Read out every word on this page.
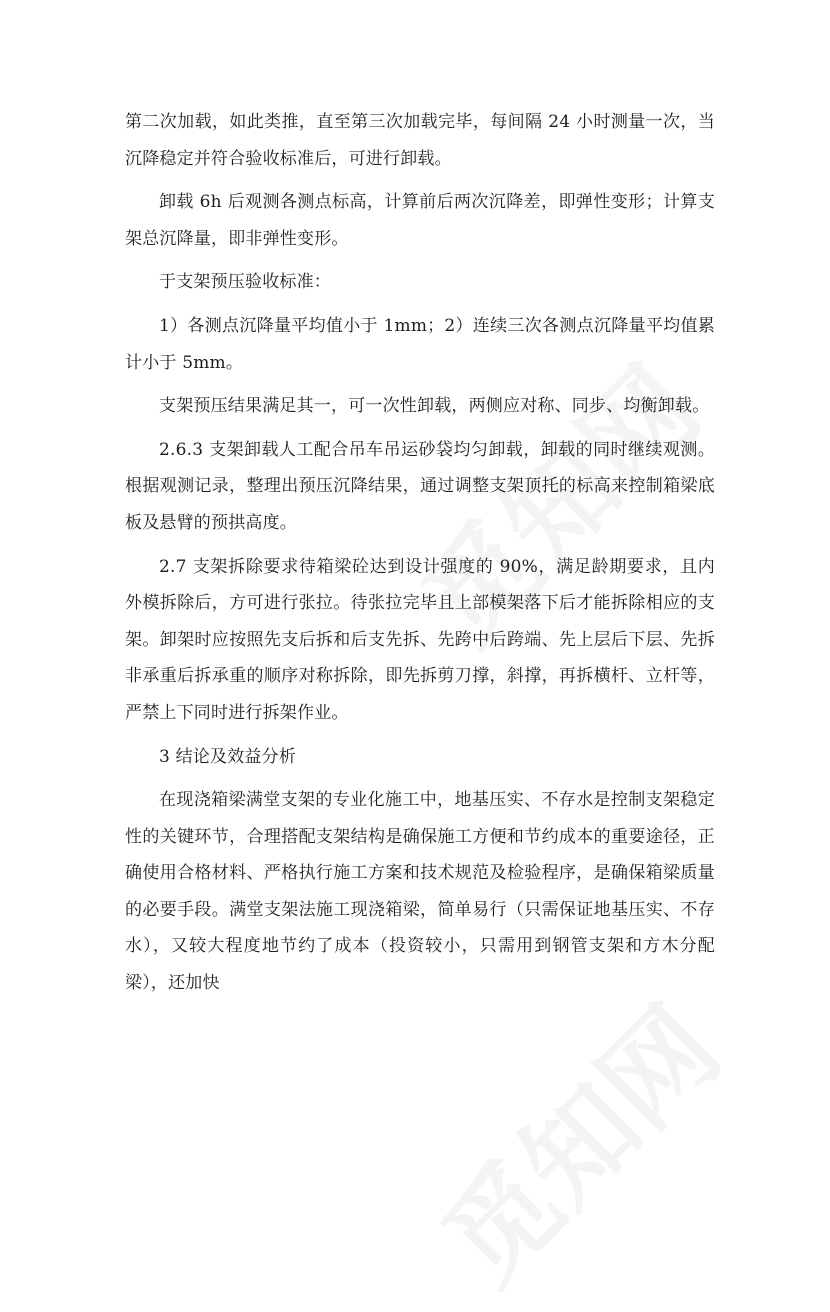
第二次加载，如此类推，直至第三次加载完毕，每间隔 24 小时测量一次，当沉降稳定并符合验收标准后，可进行卸载。

卸载 6h 后观测各测点标高，计算前后两次沉降差，即弹性变形；计算支架总沉降量，即非弹性变形。

于支架预压验收标准：

1）各测点沉降量平均值小于 1mm；2）连续三次各测点沉降量平均值累计小于 5mm。

支架预压结果满足其一，可一次性卸载，两侧应对称、同步、均衡卸载。

2.6.3 支架卸载人工配合吊车吊运砂袋均匀卸载，卸载的同时继续观测。根据观测记录，整理出预压沉降结果，通过调整支架顶托的标高来控制箱梁底板及悬臂的预拱高度。

2.7 支架拆除要求待箱梁砼达到设计强度的 90%，满足龄期要求，且内外模拆除后，方可进行张拉。待张拉完毕且上部模架落下后才能拆除相应的支架。卸架时应按照先支后拆和后支先拆、先跨中后跨端、先上层后下层、先拆非承重后拆承重的顺序对称拆除，即先拆剪刀撑，斜撑，再拆横杆、立杆等，严禁上下同时进行拆架作业。

3 结论及效益分析

在现浇箱梁满堂支架的专业化施工中，地基压实、不存水是控制支架稳定性的关键环节，合理搭配支架结构是确保施工方便和节约成本的重要途径，正确使用合格材料、严格执行施工方案和技术规范及检验程序，是确保箱梁质量的必要手段。满堂支架法施工现浇箱梁，简单易行（只需保证地基压实、不存水），又较大程度地节约了成本（投资较小，只需用到钢管支架和方木分配梁），还加快
